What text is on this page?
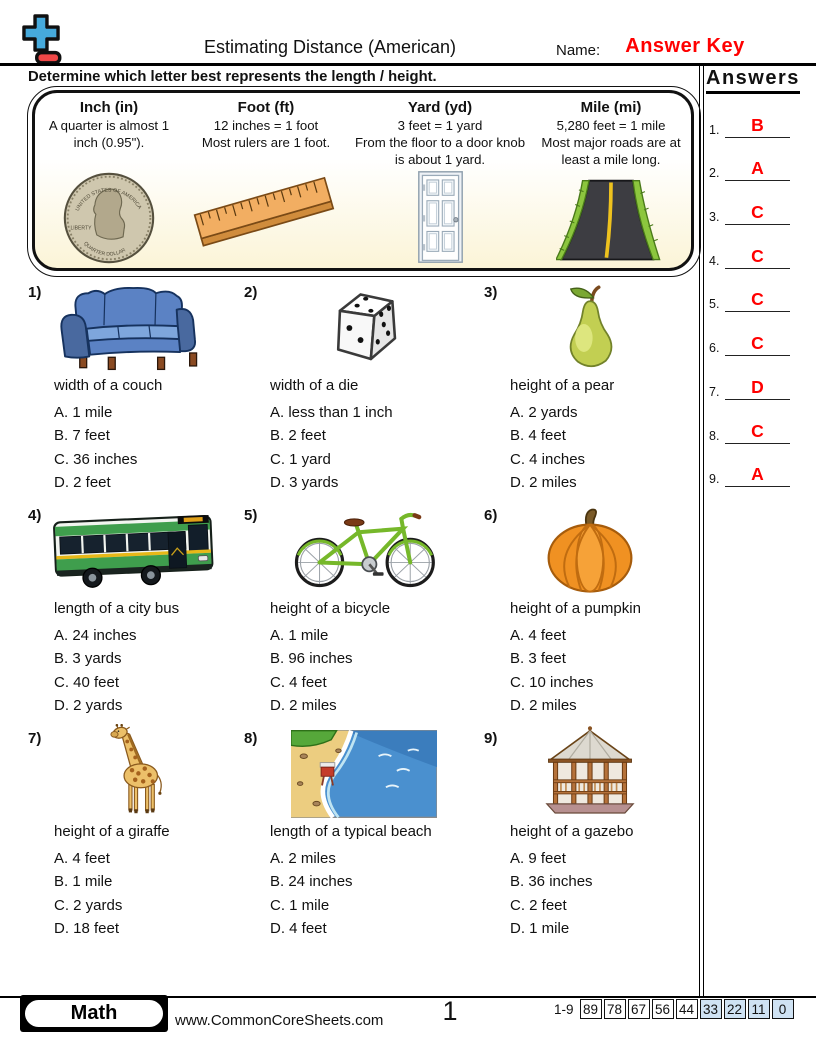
Estimating Distance (American)	Name:	Answer Key
Determine which letter best represents the length / height.	Answers
1.	B
2.	A
3.	C
4.	C
5.	C
6.	C
7.	D
8.	C
9.	A
Inch (in)
A quarter is almost 1
inch (0.95").
UNITED STATES OF AMERICA
LIBERTY
QUARTER DOLLAR
Foot (ft)
12 inches = 1 foot
Most rulers are 1 foot.
Yard (yd)
3 feet = 1 yard
From the floor to a door knob is about 1 yard.
Mile (mi)
5,280 feet = 1 mile
Most major roads are at least a mile long.
1)
width of a couch
A. 1 mile
B. 7 feet
C. 36 inches
D. 2 feet
2)
width of a die
A. less than 1 inch
B. 2 feet
C. 1 yard
D. 3 yards
3)
height of a pear
A. 2 yards
B. 4 feet
C. 4 inches
D. 2 miles
4)
length of a city bus
A. 24 inches
B. 3 yards
C. 40 feet
D. 2 yards
5)
height of a bicycle
A. 1 mile
B. 96 inches
C. 4 feet
D. 2 miles
6)
height of a pumpkin
A. 4 feet
B. 3 feet
C. 10 inches
D. 2 miles
7)
height of a giraffe
A. 4 feet
B. 1 mile
C. 2 yards
D. 18 feet
8)
length of a typical beach
A. 2 miles
B. 24 inches
C. 1 mile
D. 4 feet
9)
height of a gazebo
A. 9 feet
B. 36 inches
C. 2 feet
D. 1 mile
Math	www.CommonCoreSheets.com	1	1-9 89 78 67 56 44 33 22 11 0
